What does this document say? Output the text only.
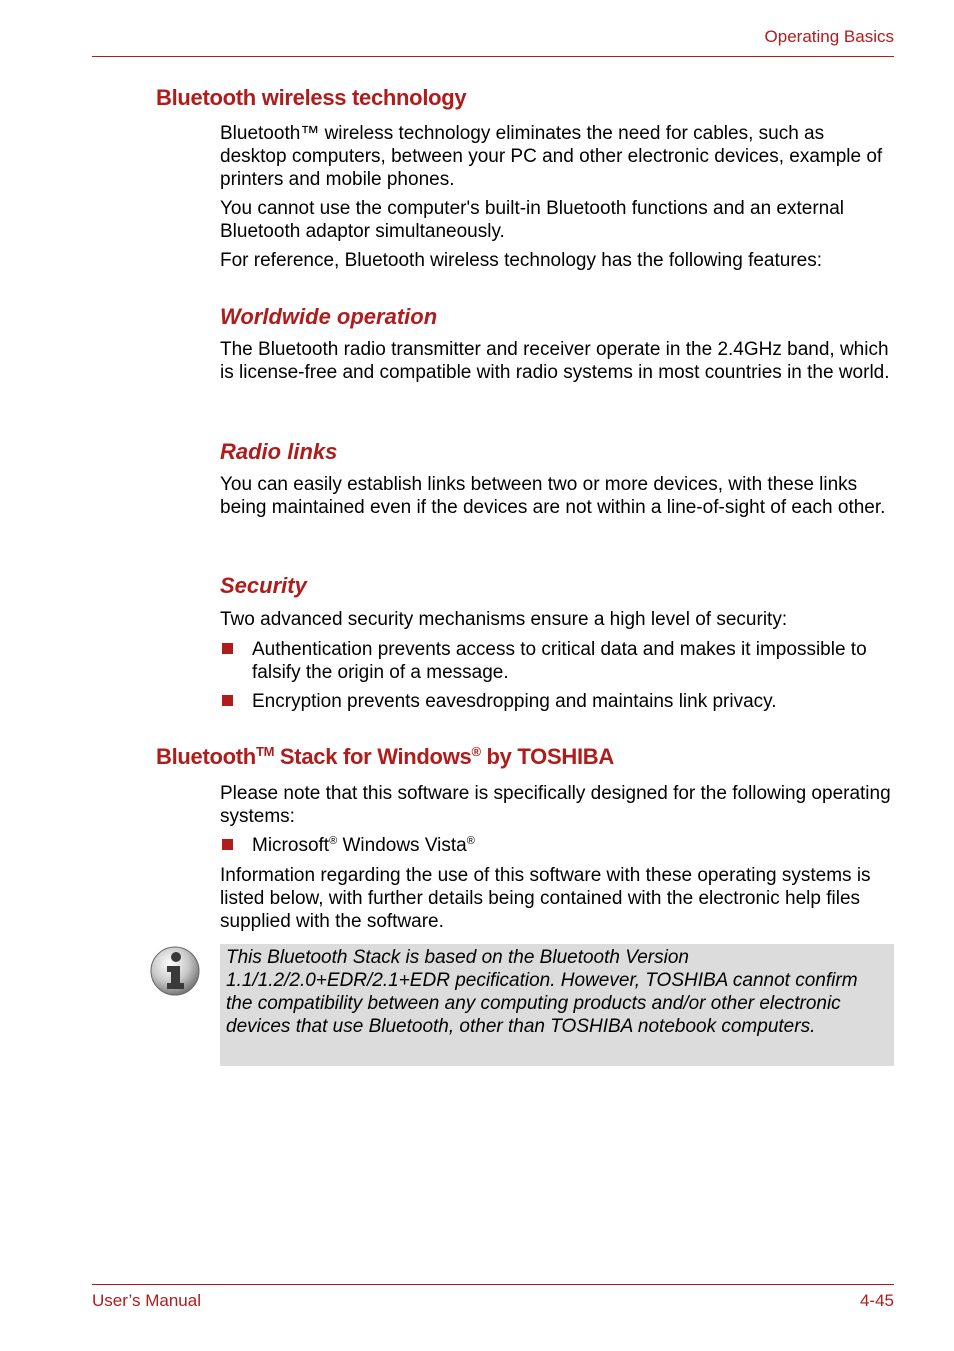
Operating Basics
Bluetooth wireless technology

Bluetooth™ wireless technology eliminates the need for cables, such as desktop computers, between your PC and other electronic devices, example of printers and mobile phones.

You cannot use the computer's built-in Bluetooth functions and an external Bluetooth adaptor simultaneously.

For reference, Bluetooth wireless technology has the following features:

Worldwide operation

The Bluetooth radio transmitter and receiver operate in the 2.4GHz band, which is license-free and compatible with radio systems in most countries in the world.

Radio links

You can easily establish links between two or more devices, with these links being maintained even if the devices are not within a line-of-sight of each other.

Security

Two advanced security mechanisms ensure a high level of security:

Authentication prevents access to critical data and makes it impossible to falsify the origin of a message.
Encryption prevents eavesdropping and maintains link privacy.
Bluetooth™ Stack for Windows® by TOSHIBA

Please note that this software is specifically designed for the following operating systems:

Microsoft® Windows Vista®

Information regarding the use of this software with these operating systems is listed below, with further details being contained with the electronic help files supplied with the software.

This Bluetooth Stack is based on the Bluetooth Version 1.1/1.2/2.0+EDR/2.1+EDR pecification. However, TOSHIBA cannot confirm the compatibility between any computing products and/or other electronic devices that use Bluetooth, other than TOSHIBA notebook computers.

User’s Manual	4-45
